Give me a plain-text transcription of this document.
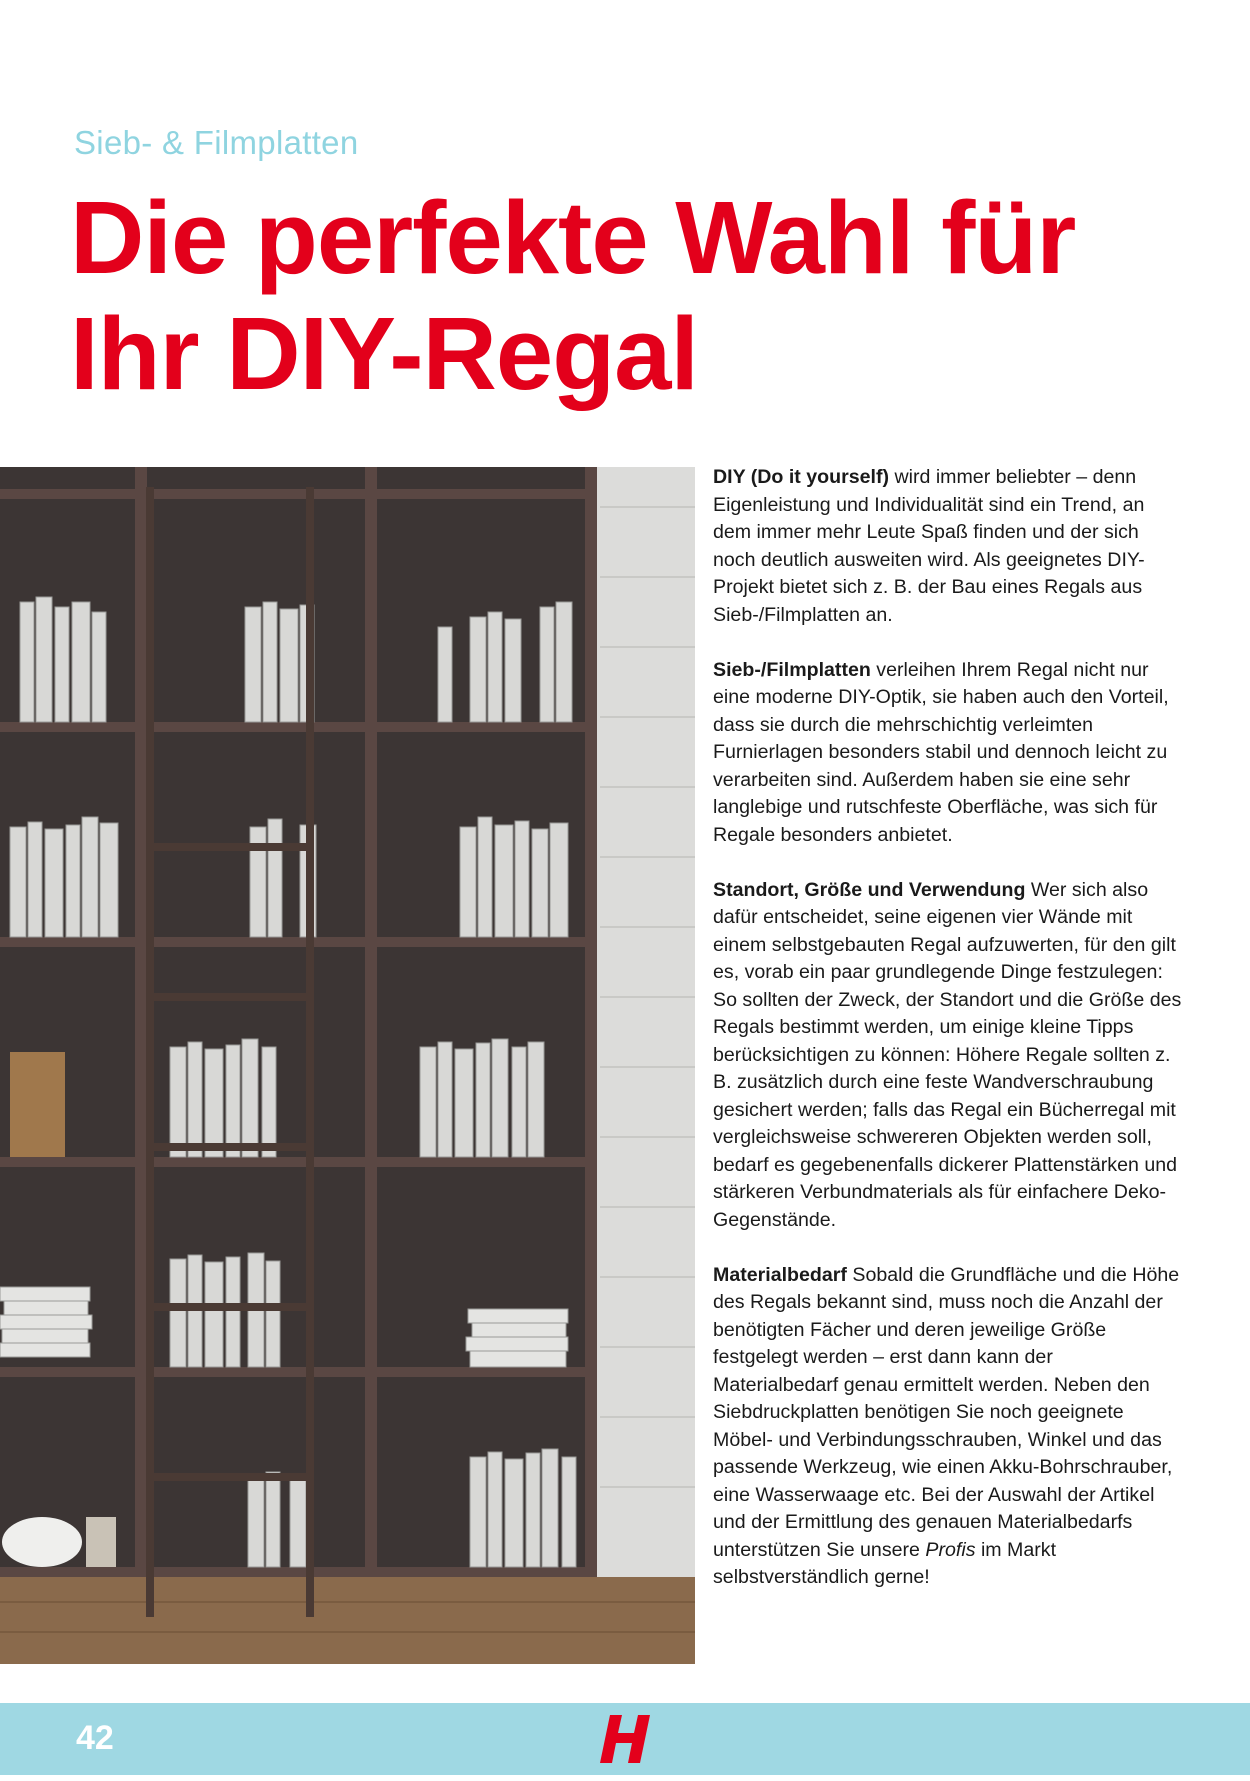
Sieb- & Filmplatten
Die perfekte Wahl für Ihr DIY-Regal

DIY (Do it yourself) wird immer beliebter – denn Eigenleistung und Individualität sind ein Trend, an dem immer mehr Leute Spaß finden und der sich noch deutlich ausweiten wird. Als geeignetes DIY-Projekt bietet sich z. B. der Bau eines Regals aus Sieb-/Filmplatten an.

Sieb-/Filmplatten verleihen Ihrem Regal nicht nur eine moderne DIY-Optik, sie haben auch den Vorteil, dass sie durch die mehrschichtig verleimten Furnierlagen besonders stabil und dennoch leicht zu verarbeiten sind. Außerdem haben sie eine sehr langlebige und rutschfeste Oberfläche, was sich für Regale besonders anbietet.

Standort, Größe und Verwendung Wer sich also dafür entscheidet, seine eigenen vier Wände mit einem selbstgebauten Regal aufzuwerten, für den gilt es, vorab ein paar grundlegende Dinge festzulegen: So sollten der Zweck, der Standort und die Größe des Regals bestimmt werden, um einige kleine Tipps berücksichtigen zu können: Höhere Regale sollten z. B. zusätzlich durch eine feste Wandverschraubung gesichert werden; falls das Regal ein Bücherregal mit vergleichsweise schwereren Objekten werden soll, bedarf es gegebenenfalls dickerer Plattenstärken und stärkeren Verbundmaterials als für einfachere Deko-Gegenstände.

Materialbedarf Sobald die Grundfläche und die Höhe des Regals bekannt sind, muss noch die Anzahl der benötigten Fächer und deren jeweilige Größe festgelegt werden – erst dann kann der Materialbedarf genau ermittelt werden. Neben den Siebdruckplatten benötigen Sie noch geeignete Möbel- und Verbindungsschrauben, Winkel und das passende Werkzeug, wie einen Akku-Bohrschrauber, eine Wasserwaage etc. Bei der Auswahl der Artikel und der Ermittlung des genauen Materialbedarfs unterstützen Sie unsere Profis im Markt selbstverständlich gerne!

42
